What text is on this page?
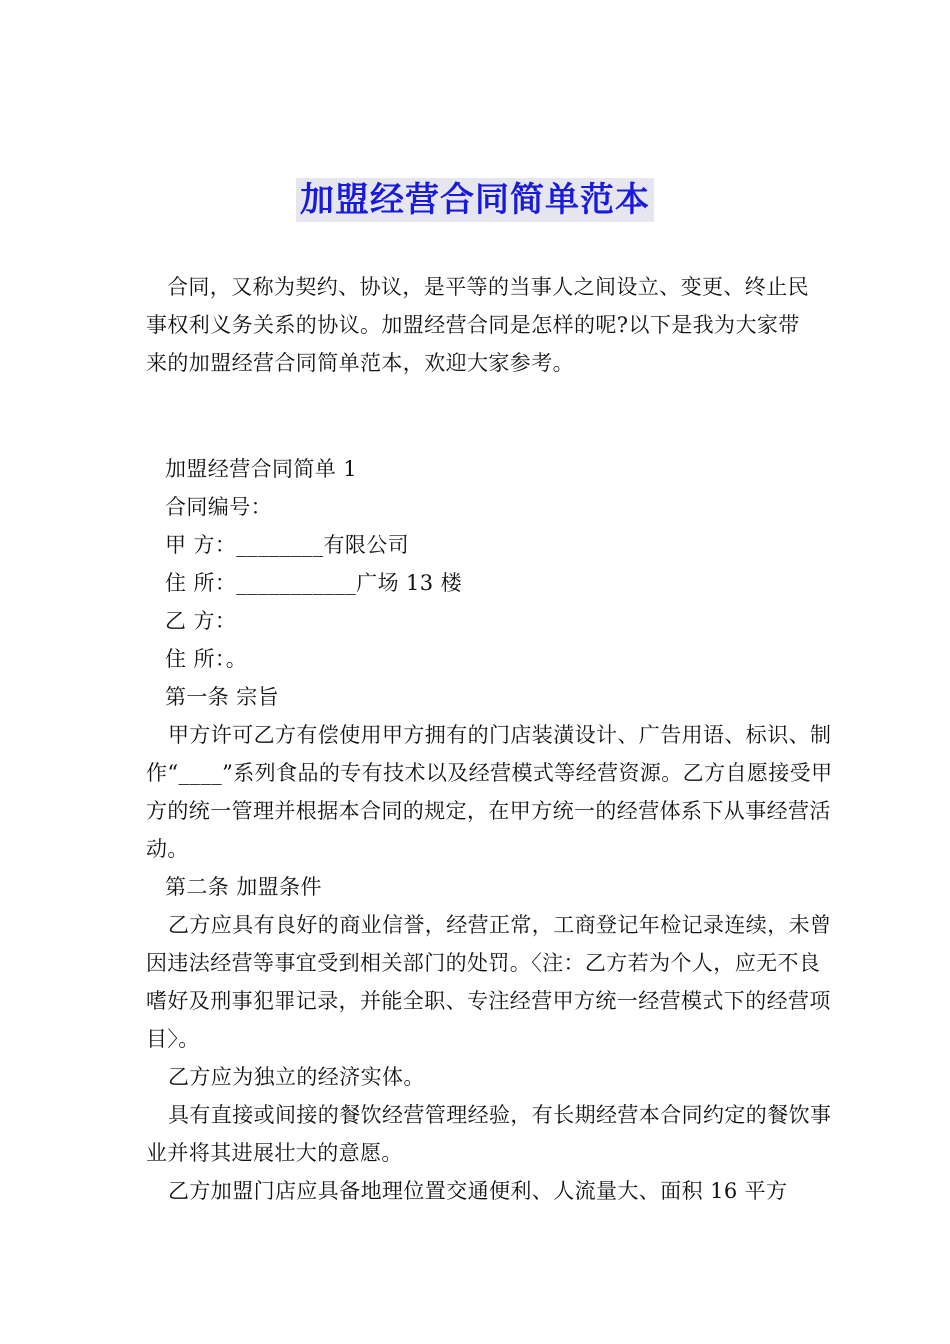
加盟经营合同简单范本
合同，又称为契约、协议，是平等的当事人之间设立、变更、终止民事权利义务关系的协议。加盟经营合同是怎样的呢?以下是我为大家带来的加盟经营合同简单范本，欢迎大家参考。
加盟经营合同简单 1
合同编号：
甲 方：________有限公司
住 所：___________广场 13 楼
乙 方：
住 所：。
第一条 宗旨
甲方许可乙方有偿使用甲方拥有的门店装潢设计、广告用语、标识、制作“____”系列食品的专有技术以及经营模式等经营资源。乙方自愿接受甲方的统一管理并根据本合同的规定，在甲方统一的经营体系下从事经营活动。
第二条 加盟条件
乙方应具有良好的商业信誉，经营正常，工商登记年检记录连续，未曾因违法经营等事宜受到相关部门的处罚。〈注：乙方若为个人，应无不良嗜好及刑事犯罪记录，并能全职、专注经营甲方统一经营模式下的经营项目〉。
乙方应为独立的经济实体。
具有直接或间接的餐饮经营管理经验，有长期经营本合同约定的餐饮事业并将其进展壮大的意愿。
乙方加盟门店应具备地理位置交通便利、人流量大、面积 16 平方
